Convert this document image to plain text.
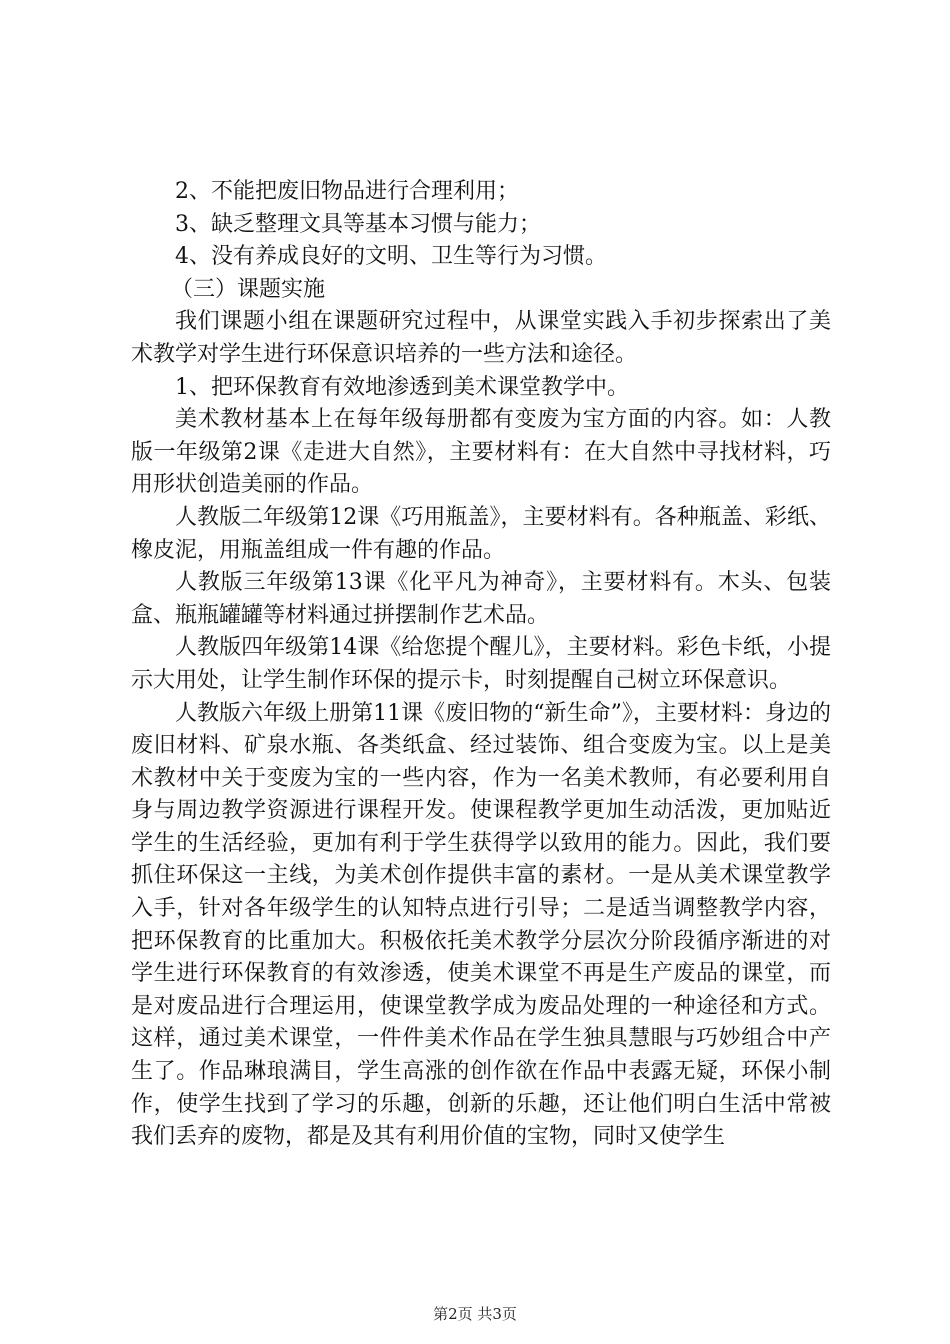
2、不能把废旧物品进行合理利用；

3、缺乏整理文具等基本习惯与能力；

4、没有养成良好的文明、卫生等行为习惯。

（三）课题实施

我们课题小组在课题研究过程中，从课堂实践入手初步探索出了美术教学对学生进行环保意识培养的一些方法和途径。

1、把环保教育有效地渗透到美术课堂教学中。

美术教材基本上在每年级每册都有变废为宝方面的内容。如：人教版一年级第2课《走进大自然》，主要材料有：在大自然中寻找材料，巧用形状创造美丽的作品。

人教版二年级第12课《巧用瓶盖》，主要材料有。各种瓶盖、彩纸、橡皮泥，用瓶盖组成一件有趣的作品。

人教版三年级第13课《化平凡为神奇》，主要材料有。木头、包装盒、瓶瓶罐罐等材料通过拼摆制作艺术品。

人教版四年级第14课《给您提个醒儿》，主要材料。彩色卡纸，小提示大用处，让学生制作环保的提示卡，时刻提醒自己树立环保意识。

人教版六年级上册第11课《废旧物的“新生命”》，主要材料：身边的废旧材料、矿泉水瓶、各类纸盒、经过装饰、组合变废为宝。以上是美术教材中关于变废为宝的一些内容，作为一名美术教师，有必要利用自身与周边教学资源进行课程开发。使课程教学更加生动活泼，更加贴近学生的生活经验，更加有利于学生获得学以致用的能力。因此，我们要抓住环保这一主线，为美术创作提供丰富的素材。一是从美术课堂教学入手，针对各年级学生的认知特点进行引导；二是适当调整教学内容，把环保教育的比重加大。积极依托美术教学分层次分阶段循序渐进的对学生进行环保教育的有效渗透，使美术课堂不再是生产废品的课堂，而是对废品进行合理运用，使课堂教学成为废品处理的一种途径和方式。这样，通过美术课堂，一件件美术作品在学生独具慧眼与巧妙组合中产生了。作品琳琅满目，学生高涨的创作欲在作品中表露无疑，环保小制作，使学生找到了学习的乐趣，创新的乐趣，还让他们明白生活中常被我们丢弃的废物，都是及其有利用价值的宝物，同时又使学生

第2页 共3页
